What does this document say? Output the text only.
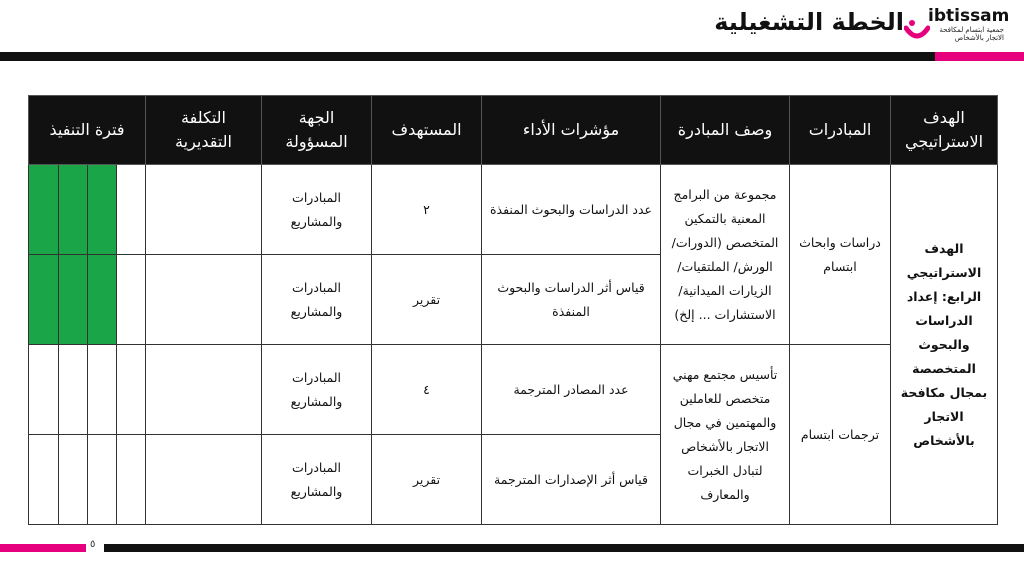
الخطة التشغيلية ibtissam
جمعية ابتسام لمكافحة الاتجار بالأشخاص
الهدف الاستراتيجي	المبادرات	وصف المبادرة	مؤشرات الأداء	المستهدف	الجهة المسؤولة	التكلفة التقديرية	فترة التنفيذ			
الهدف الاستراتيجي الرابع: إعداد الدراسات والبحوث المتخصصة بمجال مكافحة الاتجار بالأشخاص	دراسات وابحاث ابتسام	مجموعة من البرامج المعنية بالتمكين المتخصص (الدورات/ الورش/ الملتقيات/ الزيارات الميدانية/ الاستشارات ... إلخ)	عدد الدراسات والبحوث المنفذة	٢	المبادرات والمشاريع					
			قياس أثر الدراسات والبحوث المنفذة	تقرير	المبادرات والمشاريع					
	ترجمات ابتسام	تأسيس مجتمع مهني متخصص للعاملين والمهتمين في مجال الاتجار بالأشخاص لتبادل الخبرات والمعارف	عدد المصادر المترجمة	٤	المبادرات والمشاريع					
			قياس أثر الإصدارات المترجمة	تقرير	المبادرات والمشاريع					
٥
